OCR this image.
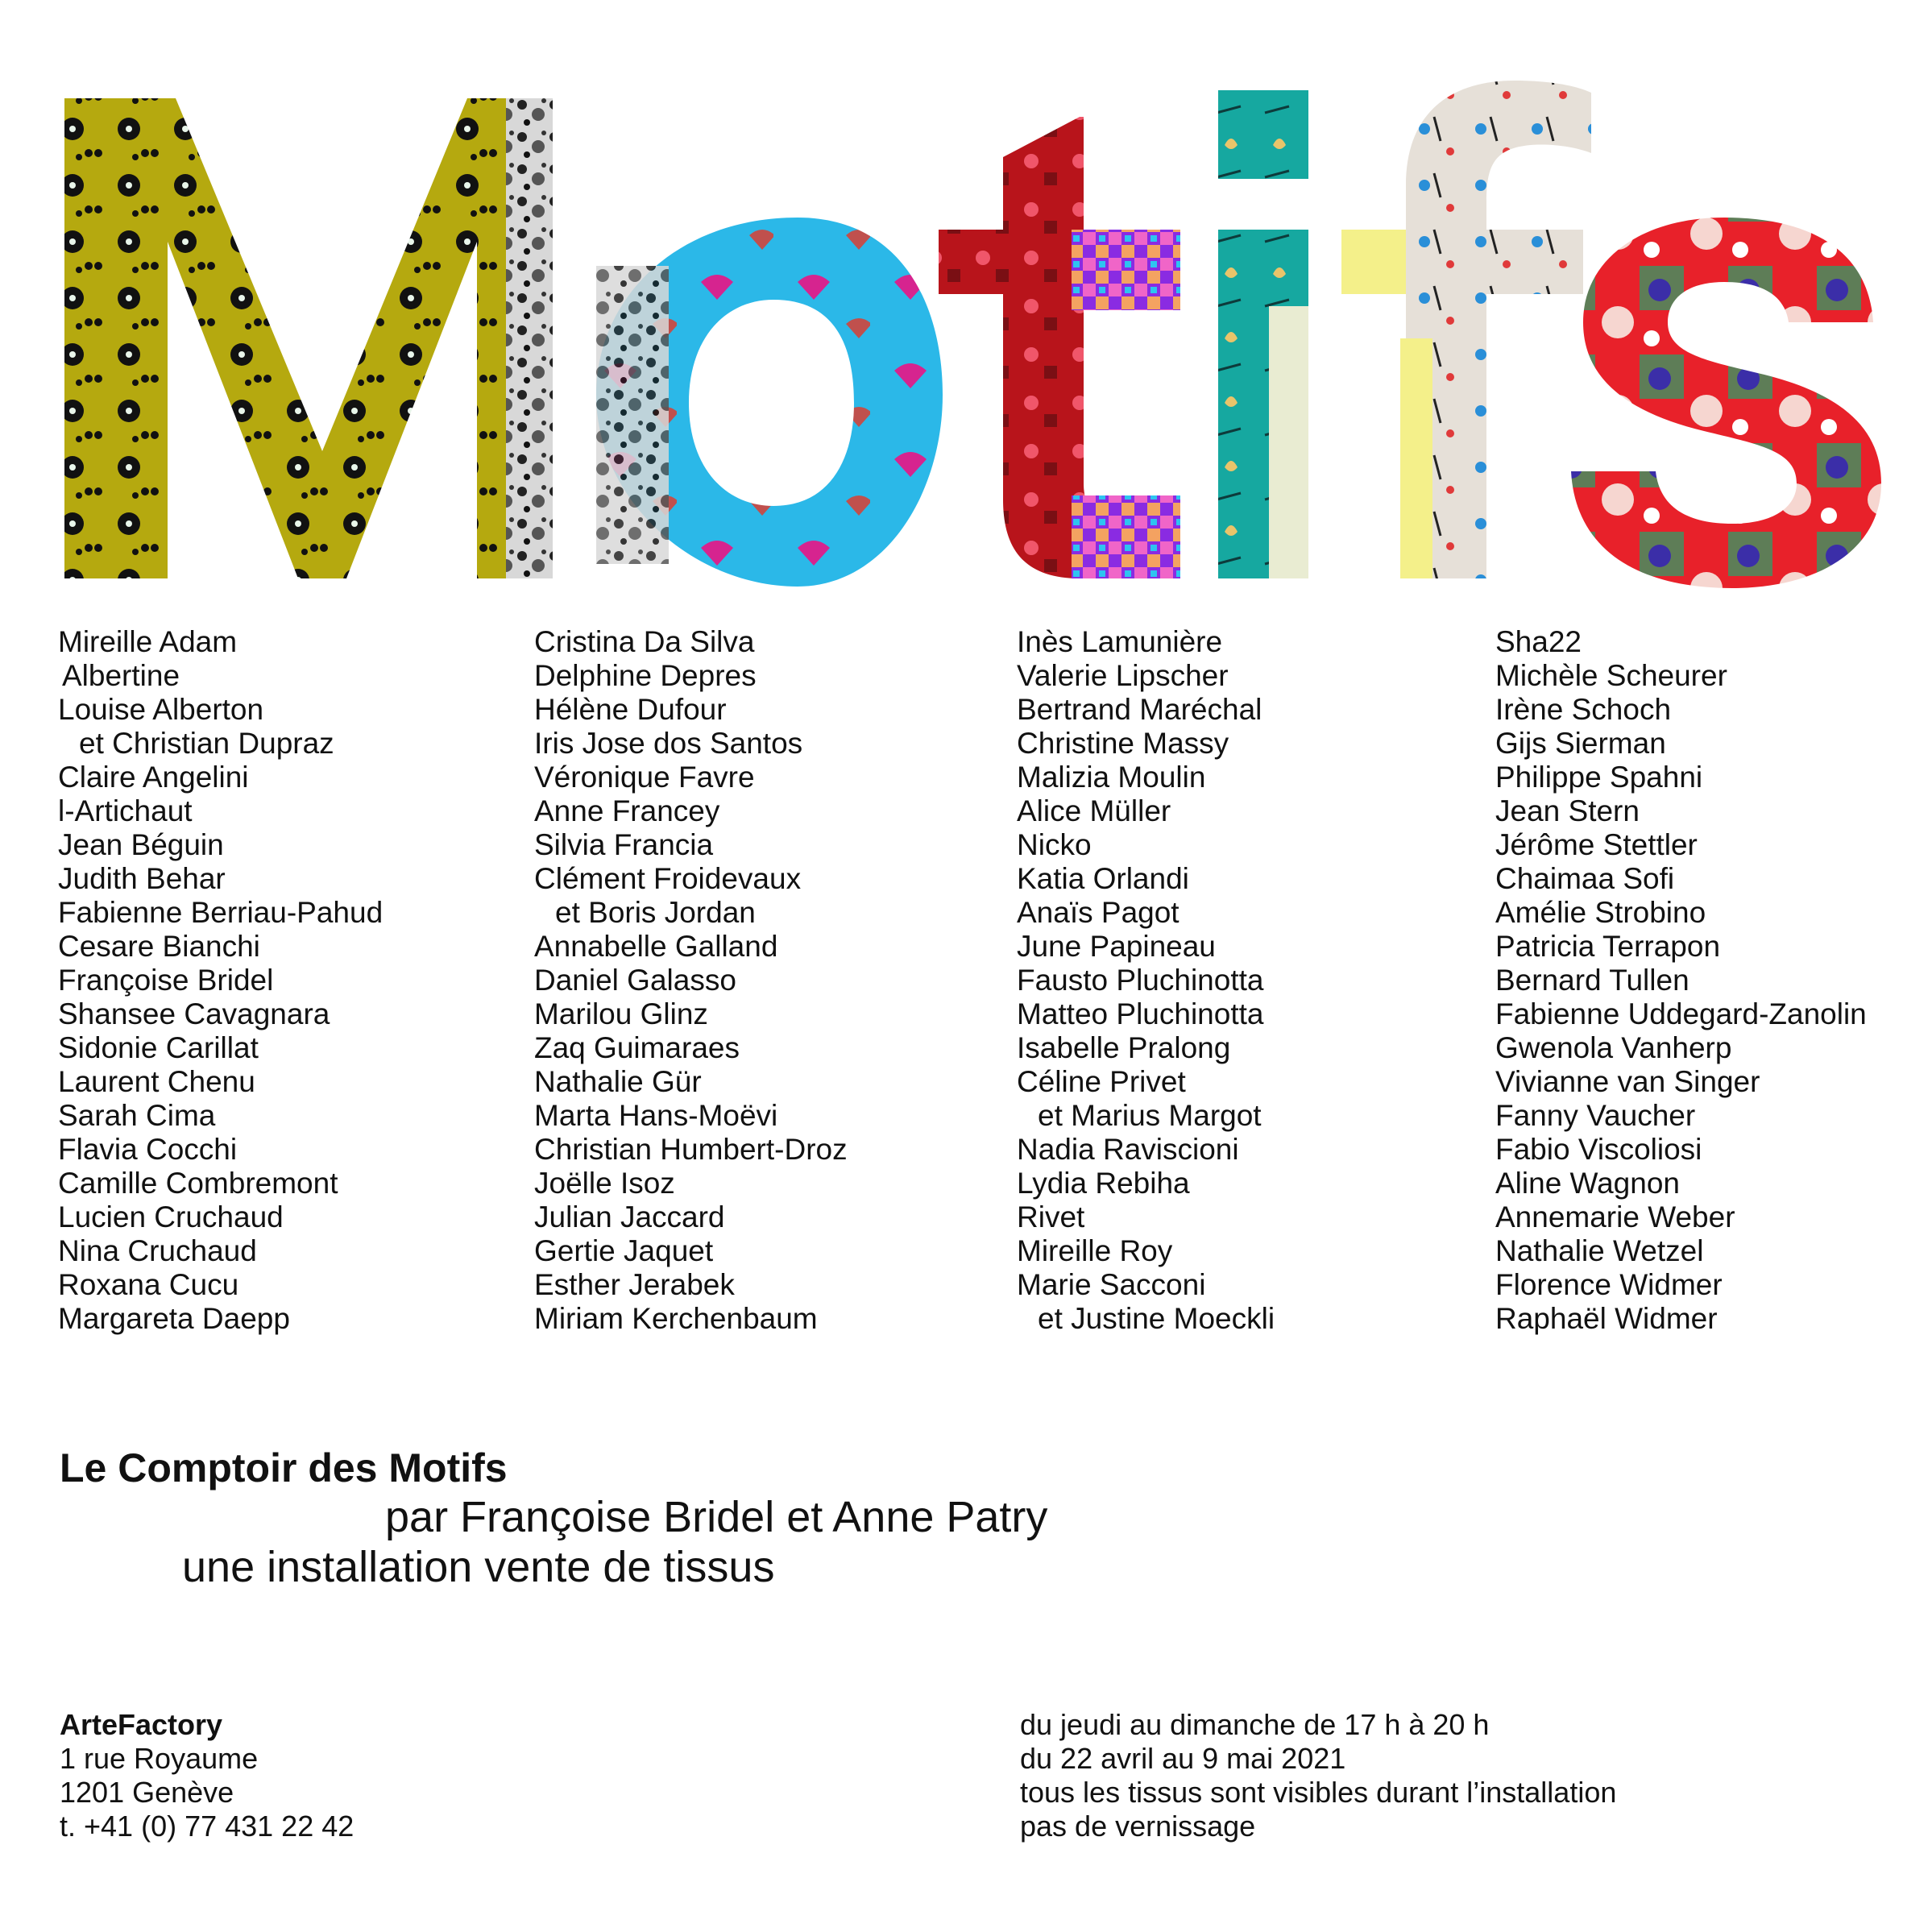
Mireille Adam
Albertine
Louise Alberton
et Christian Dupraz
Claire Angelini
l-Artichaut
Jean Béguin
Judith Behar
Fabienne Berriau-Pahud
Cesare Bianchi
Françoise Bridel
Shansee Cavagnara
Sidonie Carillat
Laurent Chenu
Sarah Cima
Flavia Cocchi
Camille Combremont
Lucien Cruchaud
Nina Cruchaud
Roxana Cucu
Margareta Daepp
Cristina Da Silva
Delphine Depres
Hélène Dufour
Iris Jose dos Santos
Véronique Favre
Anne Francey
Silvia Francia
Clément Froidevaux
et Boris Jordan
Annabelle Galland
Daniel Galasso
Marilou Glinz
Zaq Guimaraes
Nathalie Gür
Marta Hans-Moëvi
Christian Humbert-Droz
Joëlle Isoz
Julian Jaccard
Gertie Jaquet
Esther Jerabek
Miriam Kerchenbaum
Inès Lamunière
Valerie Lipscher
Bertrand Maréchal
Christine Massy
Malizia Moulin
Alice Müller
Nicko
Katia Orlandi
Anaïs Pagot
June Papineau
Fausto Pluchinotta
Matteo Pluchinotta
Isabelle Pralong
Céline Privet
et Marius Margot
Nadia Raviscioni
Lydia Rebiha
Rivet
Mireille Roy
Marie Sacconi
et Justine Moeckli
Sha22
Michèle Scheurer
Irène Schoch
Gijs Sierman
Philippe Spahni
Jean Stern
Jérôme Stettler
Chaimaa Sofi
Amélie Strobino
Patricia Terrapon
Bernard Tullen
Fabienne Uddegard-Zanolin
Gwenola Vanherp
Vivianne van Singer
Fanny Vaucher
Fabio Viscoliosi
Aline Wagnon
Annemarie Weber
Nathalie Wetzel
Florence Widmer
Raphaël Widmer
Le Comptoir des Motifs
par Françoise Bridel et Anne Patry
une installation vente de tissus
ArteFactory
1 rue Royaume
1201 Genève
t. +41 (0) 77 431 22 42
du jeudi au dimanche de 17 h à 20 h
du 22 avril au 9 mai 2021
tous les tissus sont visibles durant l’installation
pas de vernissage
